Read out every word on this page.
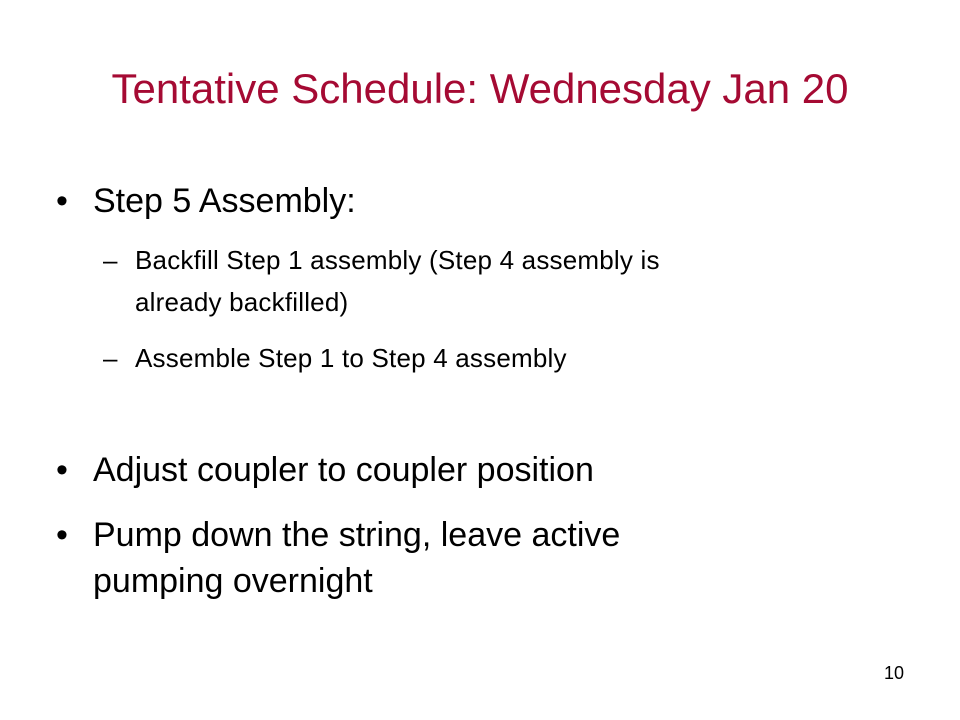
Tentative Schedule: Wednesday Jan 20
• Step 5 Assembly:
– Backfill Step 1 assembly (Step 4 assembly is
already backfilled)
– Assemble Step 1 to Step 4 assembly
• Adjust coupler to coupler position
• Pump down the string, leave active
pumping overnight
10
